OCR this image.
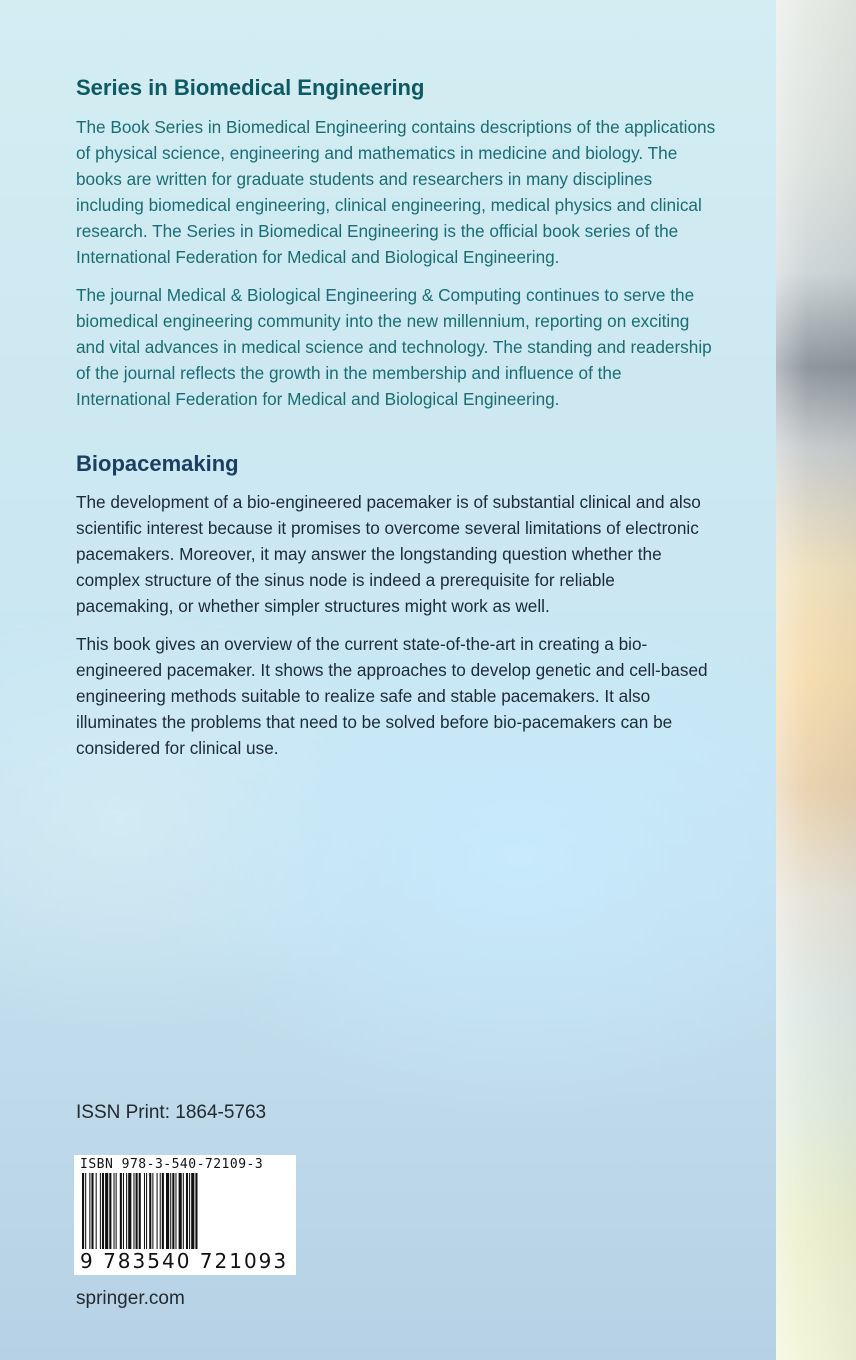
Series in Biomedical Engineering

The Book Series in Biomedical Engineering contains descriptions of the applications of physical science, engineering and mathematics in medicine and biology. The books are written for graduate students and researchers in many disciplines including biomedical engineering, clinical engineering, medical physics and clinical research. The Series in Biomedical Engineering is the official book series of the International Federation for Medical and Biological Engineering.

The journal Medical & Biological Engineering & Computing continues to serve the biomedical engineering community into the new millennium, reporting on exciting and vital advances in medical science and technology. The standing and readership of the journal reflects the growth in the membership and influence of the International Federation for Medical and Biological Engineering.

Biopacemaking

The development of a bio-engineered pacemaker is of substantial clinical and also scientific interest because it promises to overcome several limitations of electronic pacemakers. Moreover, it may answer the longstanding question whether the complex structure of the sinus node is indeed a prerequisite for reliable pacemaking, or whether simpler structures might work as well.

This book gives an overview of the current state-of-the-art in creating a bio-engineered pacemaker. It shows the approaches to develop genetic and cell-based engineering methods suitable to realize safe and stable pacemakers. It also illuminates the problems that need to be solved before bio-pacemakers can be considered for clinical use.

ISSN Print: 1864-5763

ISBN 978-3-540-72109-3
9 783540 721093

springer.com
